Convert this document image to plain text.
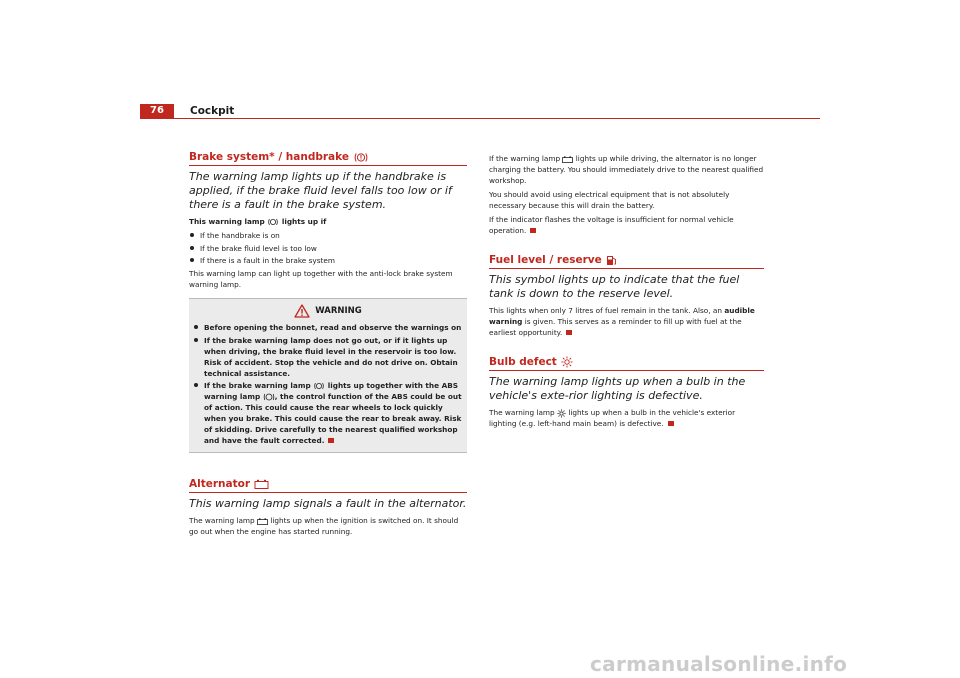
76	Cockpit
Brake system* / handbrake !

The warning lamp lights up if the handbrake is applied, if the brake fluid level falls too low or if there is a fault in the brake system.

This warning lamp lights up if

If the handbrake is on
If the brake fluid level is too low
If there is a fault in the brake system

This warning lamp can light up together with the anti-lock brake system warning lamp.

WARNING
Before opening the bonnet, read and observe the warnings on
If the brake warning lamp does not go out, or if it lights up when driving, the brake fluid level in the reservoir is too low. Risk of accident. Stop the vehicle and do not drive on. Obtain technical assistance.
If the brake warning lamp lights up together with the ABS warning lamp , the control function of the ABS could be out of action. This could cause the rear wheels to lock quickly when you brake. This could cause the rear to break away. Risk of skidding. Drive carefully to the nearest qualified workshop and have the fault corrected.
Alternator

This warning lamp signals a fault in the alternator.

The warning lamp lights up when the ignition is switched on. It should go out when the engine has started running.

If the warning lamp lights up while driving, the alternator is no longer charging the battery. You should immediately drive to the nearest qualified workshop.

You should avoid using electrical equipment that is not absolutely necessary because this will drain the battery.

If the indicator flashes the voltage is insufficient for normal vehicle operation.

Fuel level / reserve

This symbol lights up to indicate that the fuel tank is down to the reserve level.

This lights when only 7 litres of fuel remain in the tank. Also, an audible warning is given. This serves as a reminder to fill up with fuel at the earliest opportunity.

Bulb defect

The warning lamp lights up when a bulb in the vehicle's exte-rior lighting is defective.

The warning lamp lights up when a bulb in the vehicle's exterior lighting (e.g. left-hand main beam) is defective.

carmanualsonline.info
